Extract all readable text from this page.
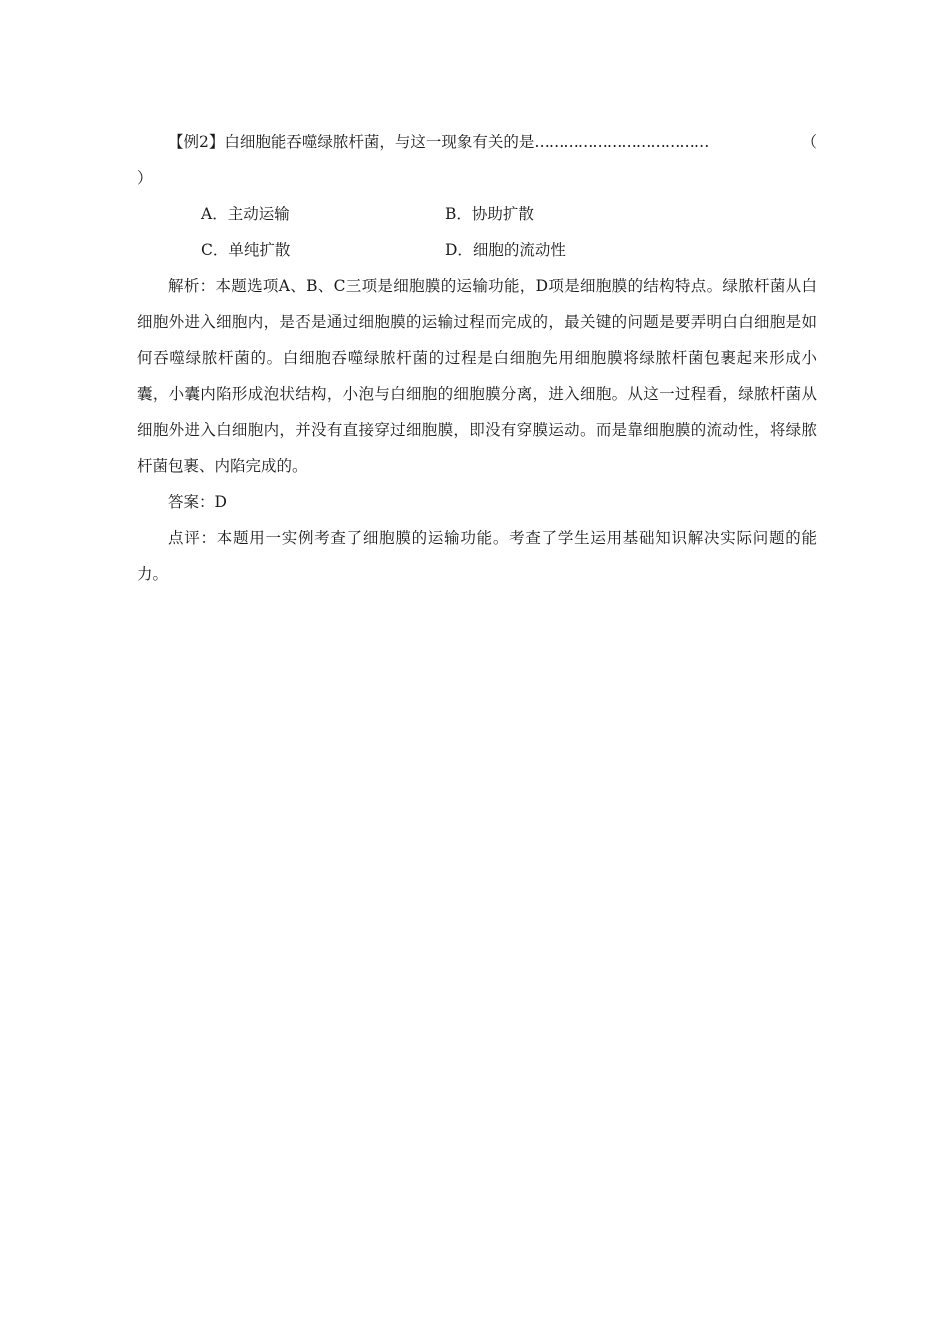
【例2】白细胞能吞噬绿脓杆菌，与这一现象有关的是 ………………………………	（
）
A．主动运输	B．协助扩散
C．单纯扩散	D．细胞的流动性

解析：本题选项A、B、C三项是细胞膜的运输功能，D项是细胞膜的结构特点。绿脓杆菌从白细胞外进入细胞内，是否是通过细胞膜的运输过程而完成的，最关键的问题是要弄明白白细胞是如何吞噬绿脓杆菌的。白细胞吞噬绿脓杆菌的过程是白细胞先用细胞膜将绿脓杆菌包裹起来形成小囊，小囊内陷形成泡状结构，小泡与白细胞的细胞膜分离，进入细胞。从这一过程看，绿脓杆菌从细胞外进入白细胞内，并没有直接穿过细胞膜，即没有穿膜运动。而是靠细胞膜的流动性，将绿脓杆菌包裹、内陷完成的。

答案：D

点评：本题用一实例考查了细胞膜的运输功能。考查了学生运用基础知识解决实际问题的能力。
